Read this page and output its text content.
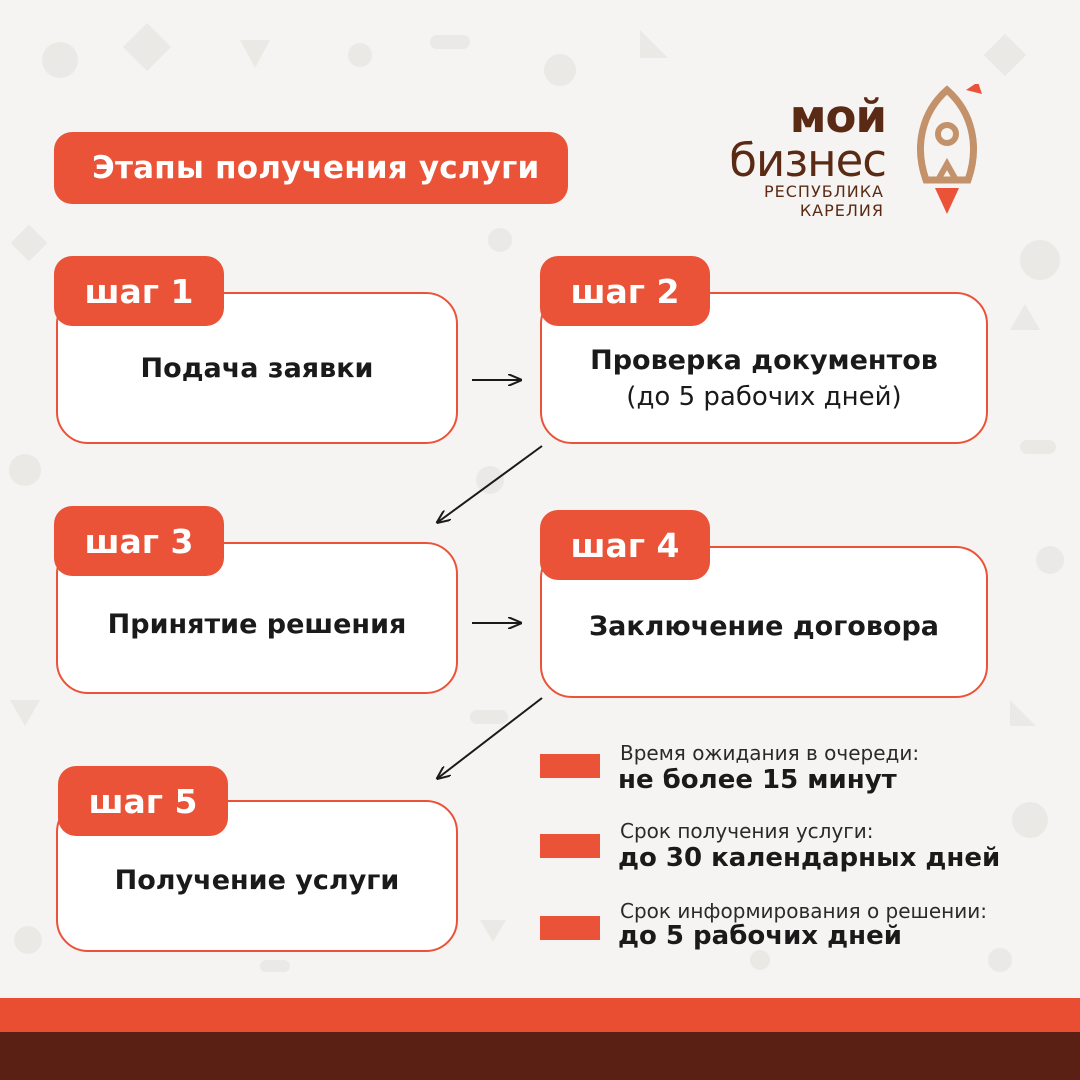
Этапы получения услуги
мой
бизнес
РЕСПУБЛИКА
КАРЕЛИЯ
Подача заявки
шаг 1
Проверка документов
(до 5 рабочих дней)
шаг 2
Принятие решения
шаг 3
Заключение договора
шаг 4
Получение услуги
шаг 5
Время ожидания в очереди:
не более 15 минут
Срок получения услуги:
до 30 календарных дней
Срок информирования о решении:
до 5 рабочих дней
